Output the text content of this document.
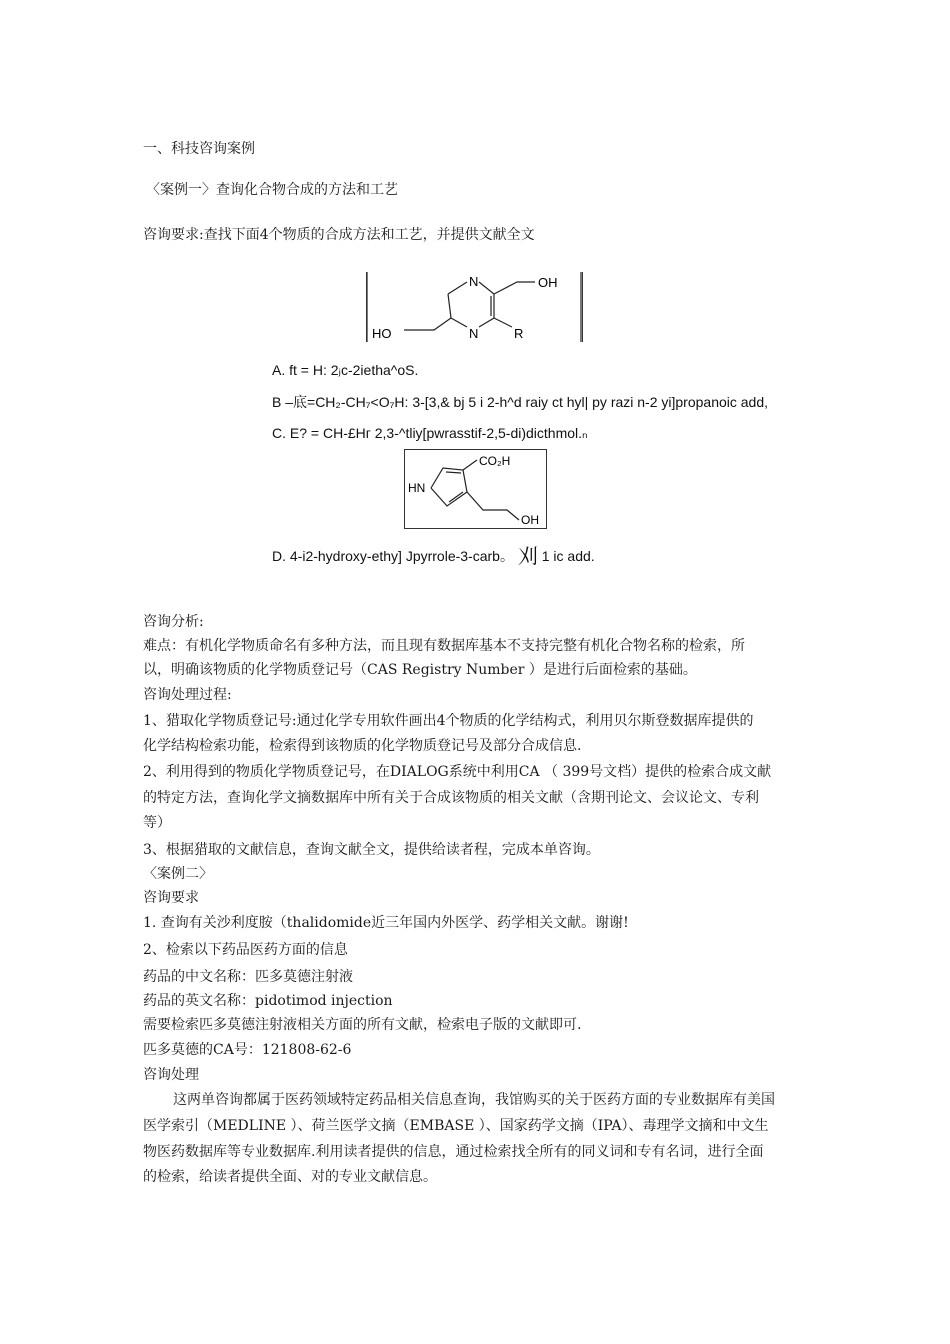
一、科技咨询案例
〈案例一〉查询化合物合成的方法和工艺
咨询要求:查找下面4个物质的合成方法和工艺，并提供文献全文
N
N
OH
HO	R
A. ft = H: 2ⱼc-2ietha^oS.
B –底=CH₂-CH₇<O₇H: 3-[3,& bj 5 i 2-h^d raiy ct hyl| py razi n-2 yi]propanoic add,
C. E? = CH-£Hг 2,3-^tliy[pwrasstif-2,5-di)dicthmol.ₙ
CO₂H
HN
OH
D. 4-i2-hydroxy-ethy] Jpyrrole-3-carb。 刈 1 ic add.
咨询分析:
难点：有机化学物质命名有多种方法，而且现有数据库基本不支持完整有机化合物名称的检索，所
以，明确该物质的化学物质登记号（CAS Registry Number ）是进行后面检索的基础。
咨询处理过程:
1、猎取化学物质登记号:通过化学专用软件画出4个物质的化学结构式，利用贝尔斯登数据库提供的
化学结构检索功能，检索得到该物质的化学物质登记号及部分合成信息.
2、利用得到的物质化学物质登记号，在DIALOG系统中利用CA （ 399号文档）提供的检索合成文献
的特定方法，查询化学文摘数据库中所有关于合成该物质的相关文献（含期刊论文、会议论文、专利
等）
3、根据猎取的文献信息，查询文献全文，提供给读者程，完成本单咨询。
〈案例二〉
咨询要求
1. 查询有关沙利度胺（thalidomide近三年国内外医学、药学相关文献。谢谢!
2、检索以下药品医药方面的信息
药品的中文名称：匹多莫德注射液
药品的英文名称：pidotimod injection
需要检索匹多莫德注射液相关方面的所有文献，检索电子版的文献即可.
匹多莫德的CA号：121808-62-6
咨询处理
这两单咨询都属于医药领域特定药品相关信息查询，我馆购买的关于医药方面的专业数据库有美国
医学索引（MEDLINE ）、荷兰医学文摘（EMBASE ）、国家药学文摘（IPA）、毒理学文摘和中文生
物医药数据库等专业数据库.利用读者提供的信息，通过检索找全所有的同义词和专有名词，进行全面
的检索，给读者提供全面、对的专业文献信息。
